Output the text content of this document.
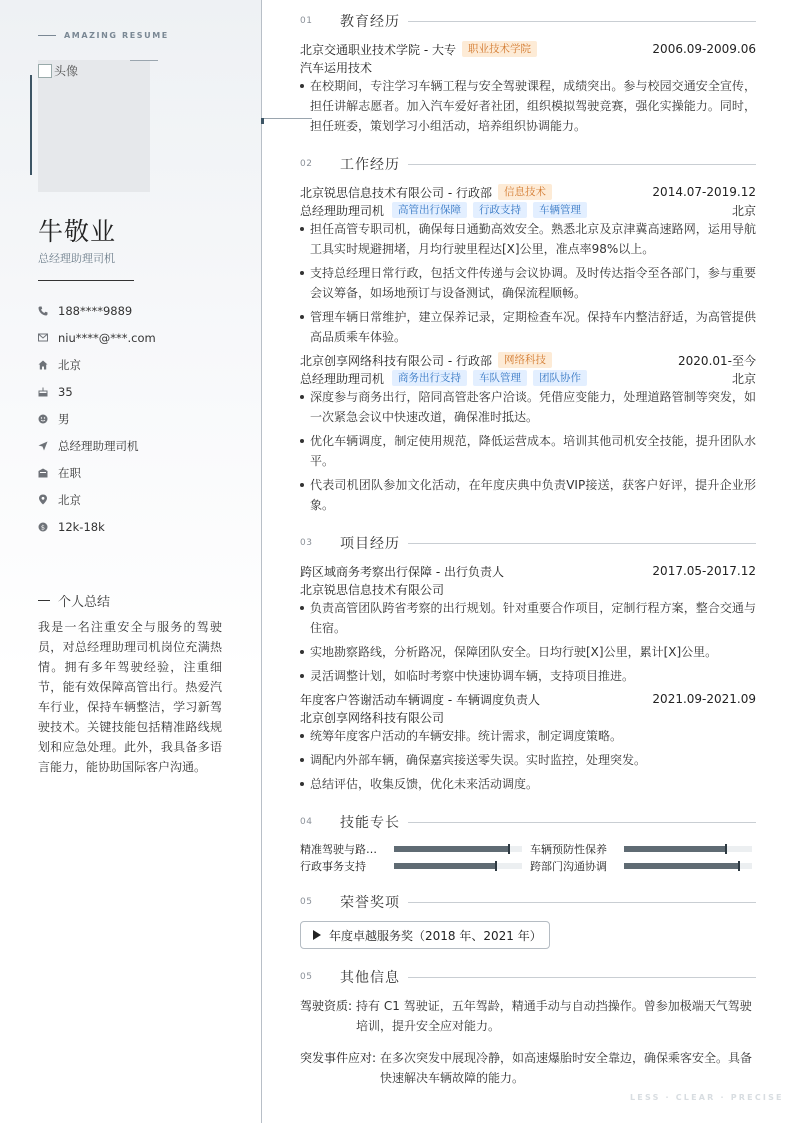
AMAZING RESUME
头像
牛敬业
总经理助理司机
188****9889
niu****@***.com
北京
35
男
总经理助理司机
在职
北京
$ 12k-18k
个人总结
我是一名注重安全与服务的驾驶员，对总经理助理司机岗位充满热情。拥有多年驾驶经验，注重细节，能有效保障高管出行。热爱汽车行业，保持车辆整洁，学习新驾驶技术。关键技能包括精准路线规划和应急处理。此外，我具备多语言能力，能协助国际客户沟通。
01	教育经历
北京交通职业技术学院 - 大专	职业技术学院	2006.09-2009.06
汽车运用技术
在校期间，专注学习车辆工程与安全驾驶课程，成绩突出。参与校园交通安全宣传，担任讲解志愿者。加入汽车爱好者社团，组织模拟驾驶竞赛，强化实操能力。同时，担任班委，策划学习小组活动，培养组织协调能力。
02	工作经历
北京锐思信息技术有限公司 - 行政部	信息技术	2014.07-2019.12
总经理助理司机	高管出行保障	行政支持	车辆管理	北京
担任高管专职司机，确保每日通勤高效安全。熟悉北京及京津冀高速路网，运用导航工具实时规避拥堵，月均行驶里程达[X]公里，准点率98%以上。
支持总经理日常行政，包括文件传递与会议协调。及时传达指令至各部门，参与重要会议筹备，如场地预订与设备测试，确保流程顺畅。
管理车辆日常维护，建立保养记录，定期检查车况。保持车内整洁舒适，为高管提供高品质乘车体验。
北京创享网络科技有限公司 - 行政部	网络科技	2020.01-至今
总经理助理司机	商务出行支持	车队管理	团队协作	北京
深度参与商务出行，陪同高管赴客户洽谈。凭借应变能力，处理道路管制等突发，如一次紧急会议中快速改道，确保准时抵达。
优化车辆调度，制定使用规范，降低运营成本。培训其他司机安全技能，提升团队水平。
代表司机团队参加文化活动，在年度庆典中负责VIP接送，获客户好评，提升企业形象。
03	项目经历
跨区域商务考察出行保障 - 出行负责人	2017.05-2017.12
北京锐思信息技术有限公司
负责高管团队跨省考察的出行规划。针对重要合作项目，定制行程方案，整合交通与住宿。
实地勘察路线，分析路况，保障团队安全。日均行驶[X]公里，累计[X]公里。
灵活调整计划，如临时考察中快速协调车辆，支持项目推进。
年度客户答谢活动车辆调度 - 车辆调度负责人	2021.09-2021.09
北京创享网络科技有限公司
统筹年度客户活动的车辆安排。统计需求，制定调度策略。
调配内外部车辆，确保嘉宾接送零失误。实时监控，处理突发。
总结评估，收集反馈，优化未来活动调度。
04	技能专长
精准驾驶与路…	车辆预防性保养
行政事务支持	跨部门沟通协调
05	荣誉奖项
年度卓越服务奖（2018 年、2021 年）
05	其他信息
驾驶资质: 持有 C1 驾驶证，五年驾龄，精通手动与自动挡操作。曾参加极端天气驾驶培训，提升安全应对能力。
突发事件应对: 在多次突发中展现冷静，如高速爆胎时安全靠边，确保乘客安全。具备快速解决车辆故障的能力。
LESS · CLEAR · PRECISE
